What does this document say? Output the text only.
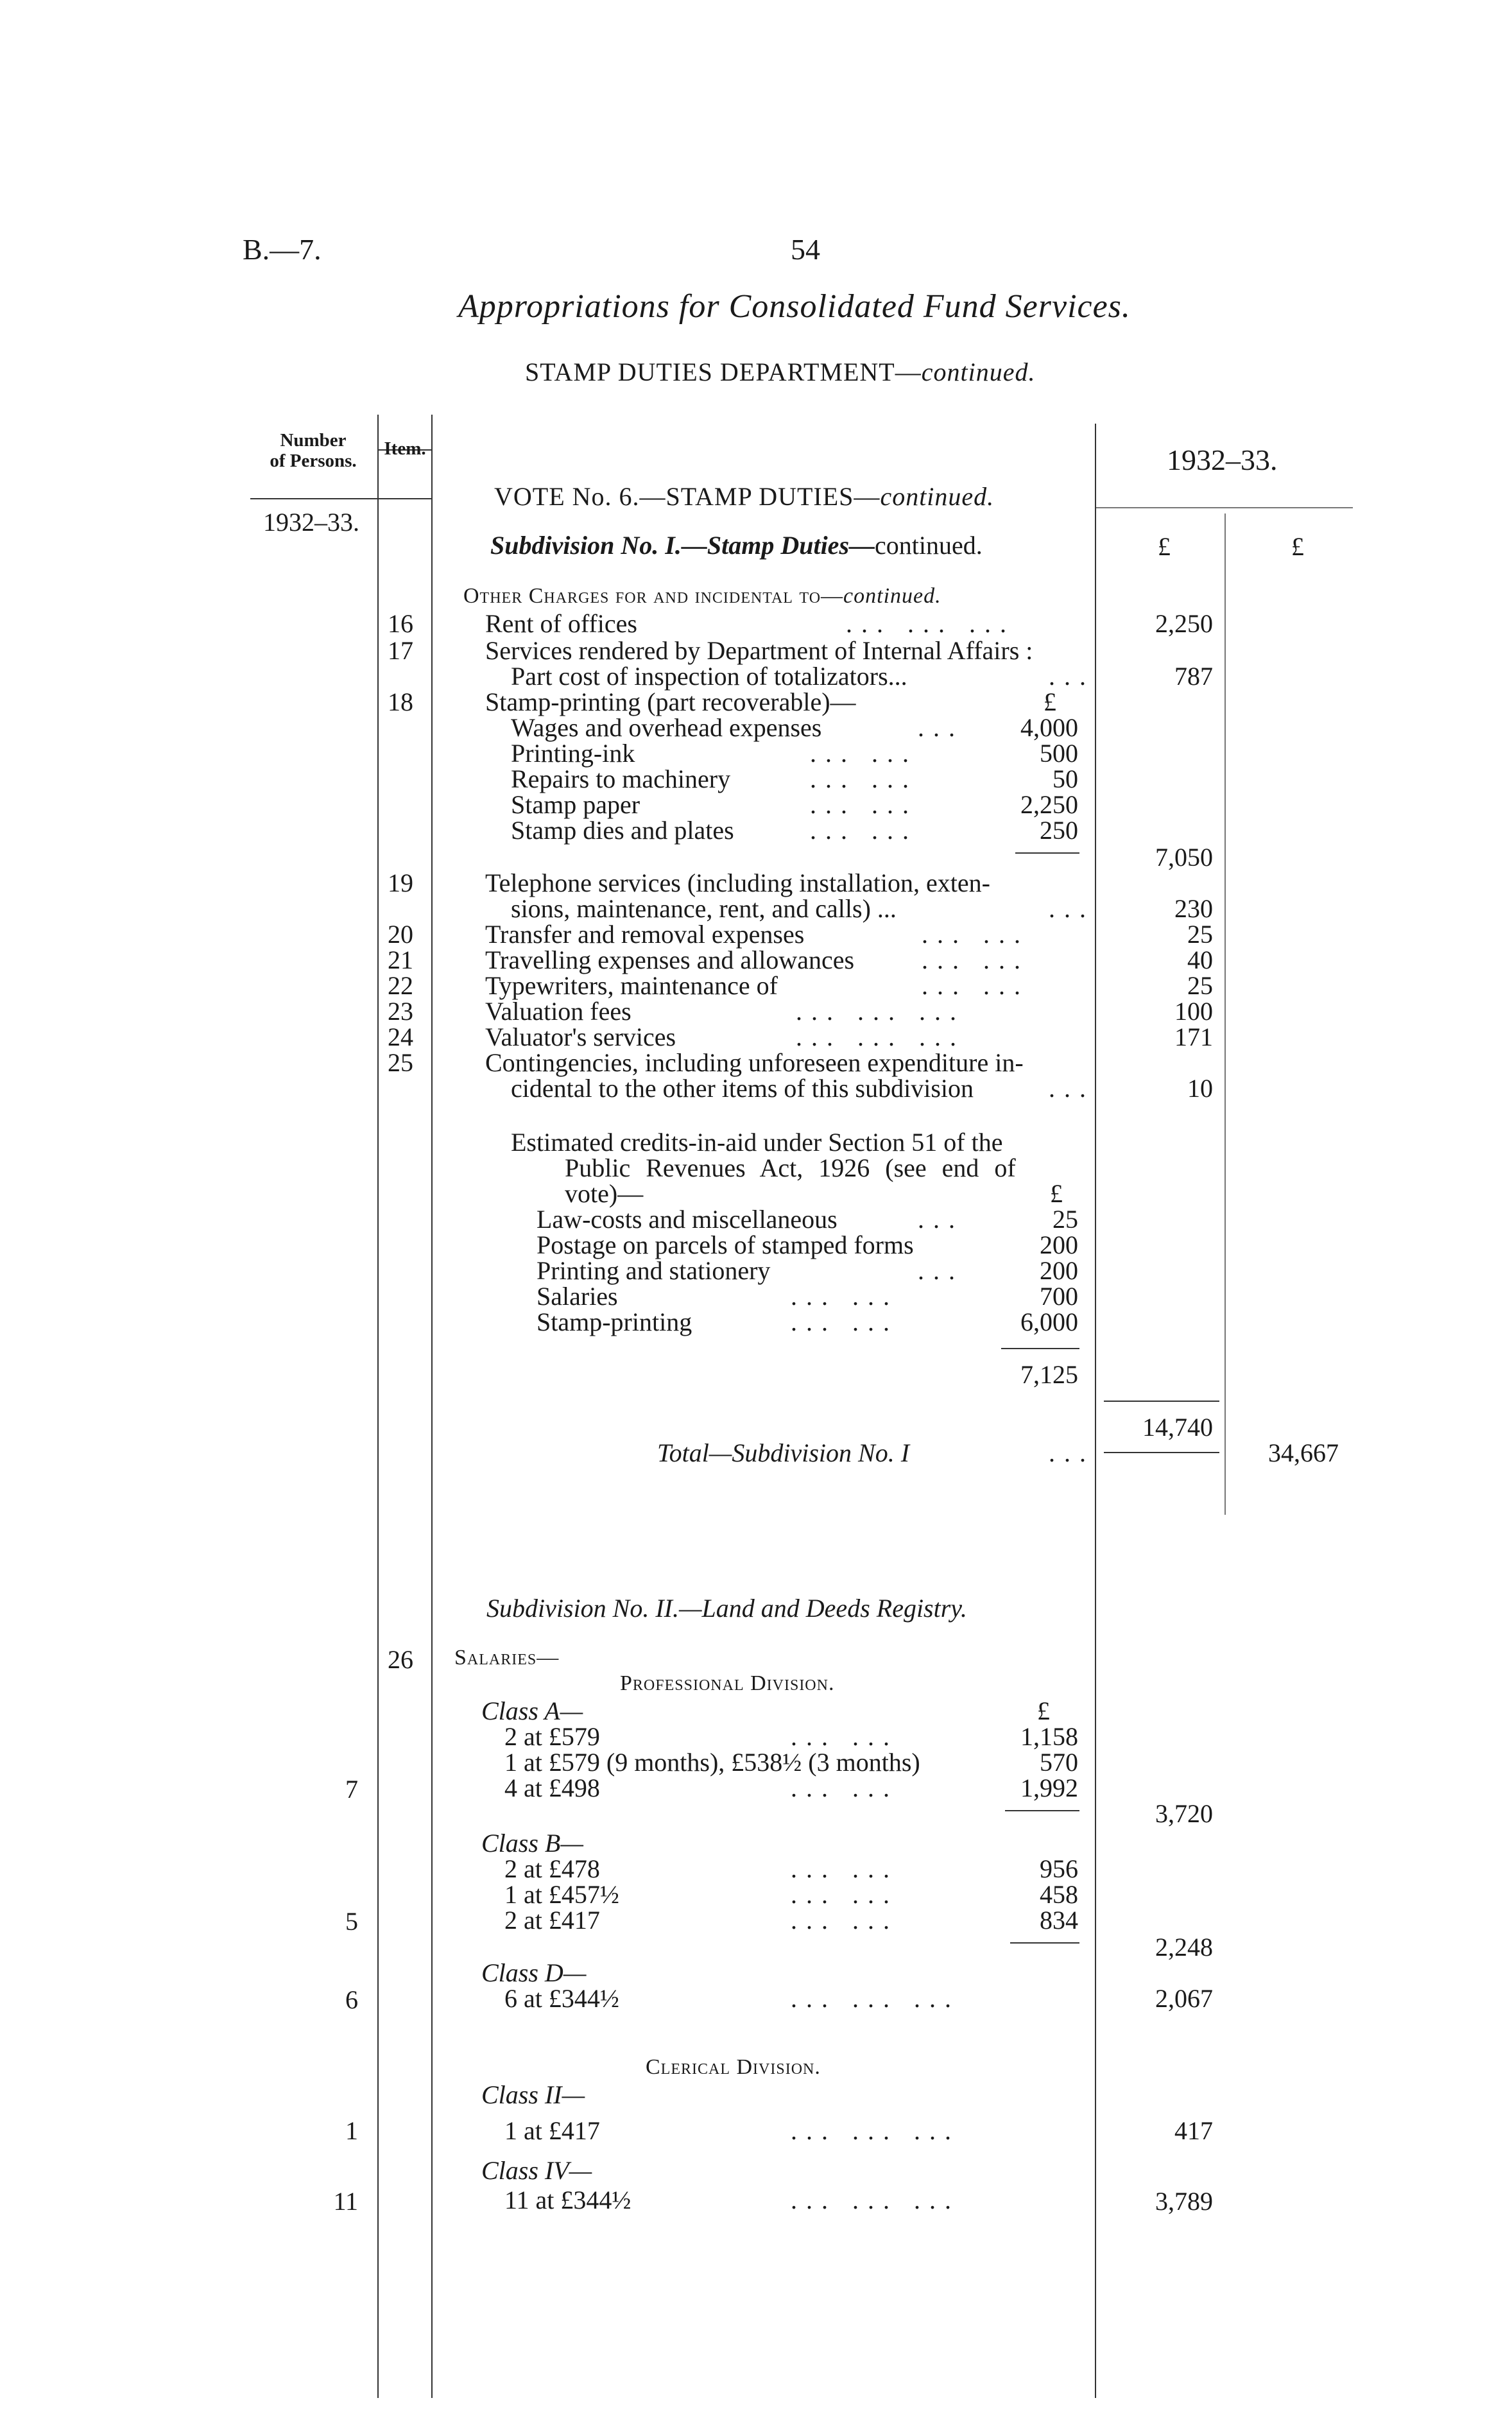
B.—7.	54
Appropriations for Consolidated Fund Services.
STAMP DUTIES DEPARTMENT—continued.
Number
of Persons.
Item.
1932–33.
1932–33.
£	£
VOTE No. 6.—STAMP DUTIES—continued.
Subdivision No. I.—Stamp Duties—continued.
Other Charges for and incidental to—continued.
16	Rent of offices	... ... ...	2,250
17	Services rendered by Department of Internal Affairs :
Part cost of inspection of totalizators...	...	787
18	Stamp-printing (part recoverable)—	£
Wages and overhead expenses	...	4,000
Printing-ink	... ...	500
Repairs to machinery	... ...	50
Stamp paper	... ...	2,250
Stamp dies and plates	... ...	250
7,050
19	Telephone services (including installation, exten-
sions, maintenance, rent, and calls) ...	...	230
20	Transfer and removal expenses	... ...	25
21	Travelling expenses and allowances	... ...	40
22	Typewriters, maintenance of	... ...	25
23	Valuation fees	... ... ...	100
24	Valuator's services	... ... ...	171
25	Contingencies, including unforeseen expenditure in-
cidental to the other items of this subdivision	...	10
Estimated credits-in-aid under Section 51 of the
Public Revenues Act, 1926 (see end of
vote)—	£
Law-costs and miscellaneous	...	25
Postage on parcels of stamped forms	200
Printing and stationery	...	200
Salaries	... ...	700
Stamp-printing	... ...	6,000
7,125
14,740
Total—Subdivision No. I	...	34,667
Subdivision No. II.—Land and Deeds Registry.
26 Salaries—
Professional Division.
Class A—	£
2 at £579	... ...	1,158
1 at £579 (9 months), £538½ (3 months)	570
7	4 at £498	... ...	1,992
3,720
Class B—
2 at £478	... ...	956
1 at £457½	... ...	458
5	2 at £417	... ...	834
2,248
Class D—
6	6 at £344½	... ... ...	2,067
Clerical Division.
Class II—
1	1 at £417	... ... ...	417
Class IV—
11	11 at £344½	... ... ...	3,789
